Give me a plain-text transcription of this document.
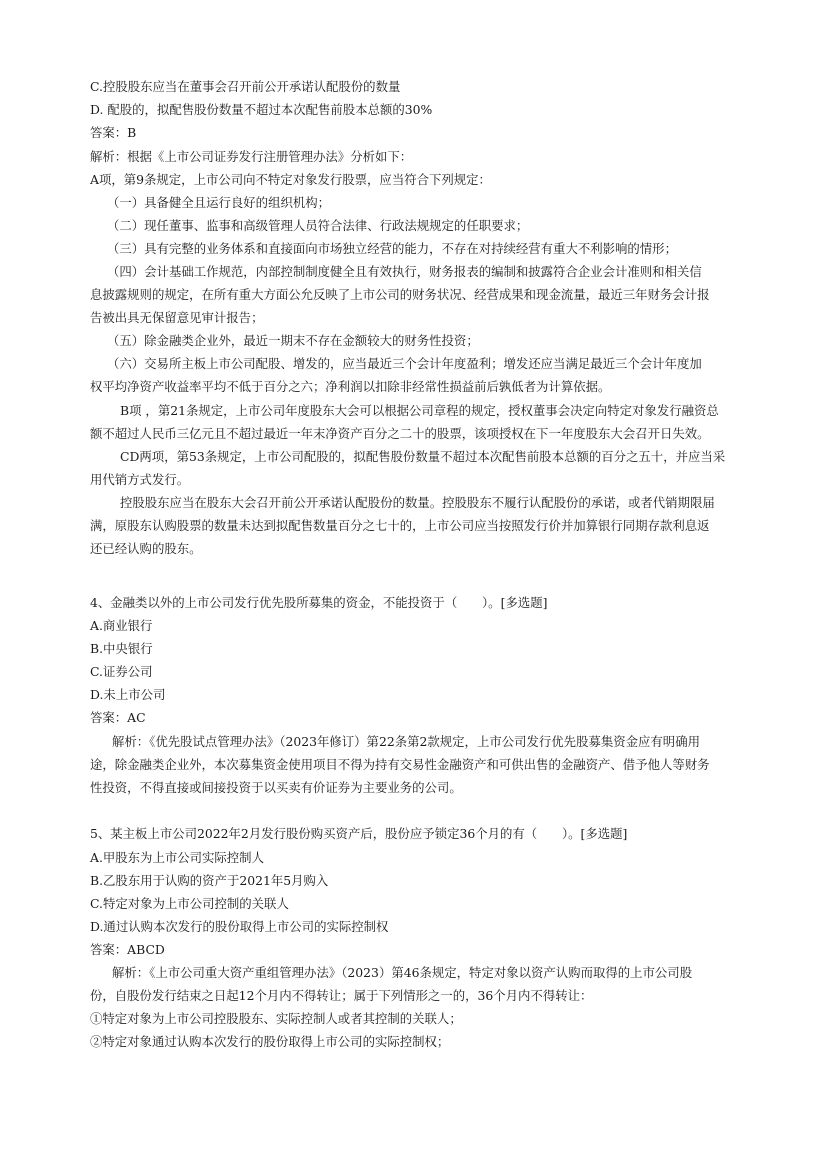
C.控股股东应当在董事会召开前公开承诺认配股份的数量
D. 配股的，拟配售股份数量不超过本次配售前股本总额的30%
答案：B
解析：根据《上市公司证券发行注册管理办法》分析如下：
A项，第9条规定，上市公司向不特定对象发行股票，应当符合下列规定：
（一）具备健全且运行良好的组织机构；
（二）现任董事、监事和高级管理人员符合法律、行政法规规定的任职要求；
（三）具有完整的业务体系和直接面向市场独立经营的能力，不存在对持续经营有重大不利影响的情形；
（四）会计基础工作规范，内部控制制度健全且有效执行，财务报表的编制和披露符合企业会计准则和相关信
息披露规则的规定，在所有重大方面公允反映了上市公司的财务状况、经营成果和现金流量，最近三年财务会计报
告被出具无保留意见审计报告；
（五）除金融类企业外，最近一期末不存在金额较大的财务性投资；
（六）交易所主板上市公司配股、增发的，应当最近三个会计年度盈利；增发还应当满足最近三个会计年度加
权平均净资产收益率平均不低于百分之六；净利润以扣除非经常性损益前后孰低者为计算依据。
B项 ，第21条规定，上市公司年度股东大会可以根据公司章程的规定，授权董事会决定向特定对象发行融资总
额不超过人民币三亿元且不超过最近一年末净资产百分之二十的股票，该项授权在下一年度股东大会召开日失效。
CD两项，第53条规定，上市公司配股的，拟配售股份数量不超过本次配售前股本总额的百分之五十，并应当采
用代销方式发行。
控股股东应当在股东大会召开前公开承诺认配股份的数量。控股股东不履行认配股份的承诺，或者代销期限届
满，原股东认购股票的数量未达到拟配售数量百分之七十的，上市公司应当按照发行价并加算银行同期存款利息返
还已经认购的股东。
4、金融类以外的上市公司发行优先股所募集的资金，不能投资于（　　）。[多选题]
A.商业银行
B.中央银行
C.证券公司
D.未上市公司
答案：AC
解析：《优先股试点管理办法》（2023年修订）第22条第2款规定，上市公司发行优先股募集资金应有明确用
途，除金融类企业外，本次募集资金使用项目不得为持有交易性金融资产和可供出售的金融资产、借予他人等财务
性投资，不得直接或间接投资于以买卖有价证券为主要业务的公司。
5、某主板上市公司2022年2月发行股份购买资产后，股份应予锁定36个月的有（　　）。[多选题]
A.甲股东为上市公司实际控制人
B.乙股东用于认购的资产于2021年5月购入
C.特定对象为上市公司控制的关联人
D.通过认购本次发行的股份取得上市公司的实际控制权
答案：ABCD
解析：《上市公司重大资产重组管理办法》（2023）第46条规定，特定对象以资产认购而取得的上市公司股
份，自股份发行结束之日起12个月内不得转让；属于下列情形之一的，36个月内不得转让：
①特定对象为上市公司控股股东、实际控制人或者其控制的关联人；
②特定对象通过认购本次发行的股份取得上市公司的实际控制权；
